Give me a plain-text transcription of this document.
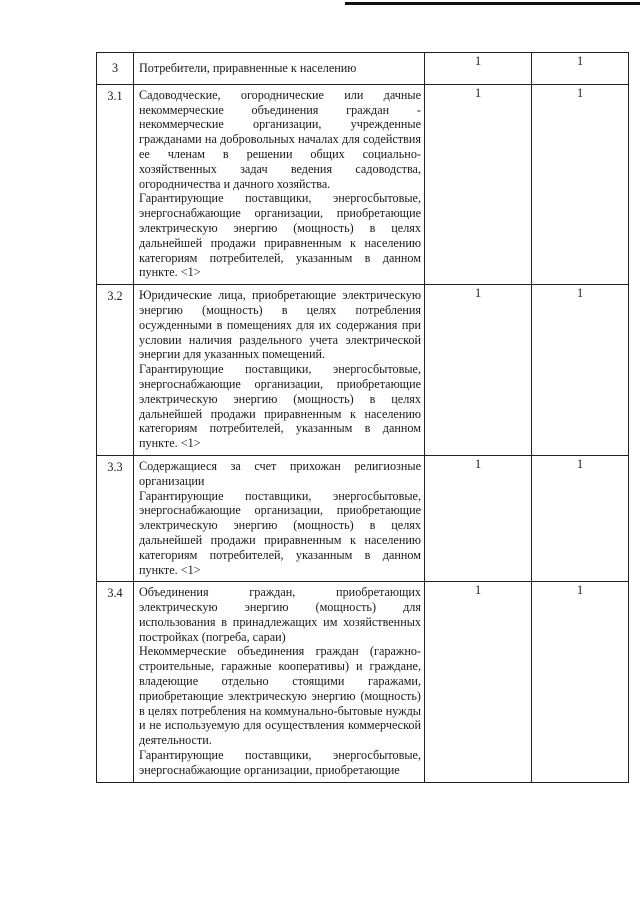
3	Потребители, приравненные к населению	1	1
3.1	Садоводческие, огороднические или дачные некоммерческие объединения граждан - некоммерческие организации, учрежденные гражданами на добровольных началах для содействия ее членам в решении общих социально-хозяйственных задач ведения садоводства, огородничества и дачного хозяйства.

Гарантирующие поставщики, энергосбытовые, энергоснабжающие организации, приобретающие электрическую энергию (мощность) в целях дальнейшей продажи приравненным к населению категориям потребителей, указанным в данном пункте. <1>	1	1
3.2	Юридические лица, приобретающие электрическую энергию (мощность) в целях потребления осужденными в помещениях для их содержания при условии наличия раздельного учета электрической энергии для указанных помещений.

Гарантирующие поставщики, энергосбытовые, энергоснабжающие организации, приобретающие электрическую энергию (мощность) в целях дальнейшей продажи приравненным к населению категориям потребителей, указанным в данном пункте. <1>	1	1
3.3	Содержащиеся за счет прихожан религиозные организации

Гарантирующие поставщики, энергосбытовые, энергоснабжающие организации, приобретающие электрическую энергию (мощность) в целях дальнейшей продажи приравненным к населению категориям потребителей, указанным в данном пункте. <1>	1	1
3.4	Объединения граждан, приобретающих электрическую энергию (мощность) для использования в принадлежащих им хозяйственных постройках (погреба, сараи)

Некоммерческие объединения граждан (гаражно-строительные, гаражные кооперативы) и граждане, владеющие отдельно стоящими гаражами, приобретающие электрическую энергию (мощность) в целях потребления на коммунально-бытовые нужды и не используемую для осуществления коммерческой деятельности.

Гарантирующие поставщики, энергосбытовые, энергоснабжающие организации, приобретающие	1	1
